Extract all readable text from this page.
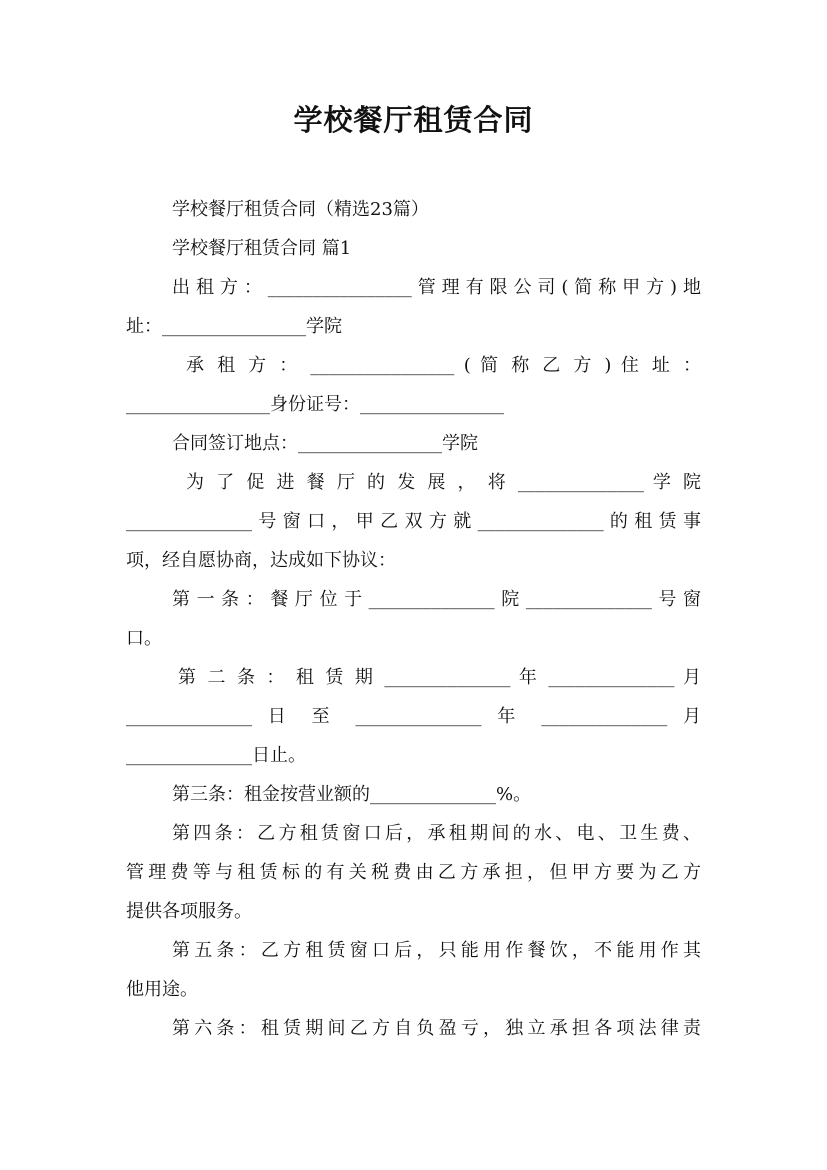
学校餐厅租赁合同
学校餐厅租赁合同（精选23篇）
学校餐厅租赁合同 篇1
出租方：________________管理有限公司(简称甲方)地
址：________________学院
承 租 方 ： ________________ ( 简 称 乙 方 ) 住 址 ：
________________身份证号：________________
合同签订地点：________________学院
为 了 促 进 餐 厅 的 发 展 ， 将 ______________ 学 院
______________号窗口，甲乙双方就______________的租赁事
项，经自愿协商，达成如下协议：
第一条：餐厅位于______________院______________号窗
口。
第 二 条 ： 租 赁 期 ______________ 年 ______________ 月
______________ 日 至 ______________ 年 ______________ 月
______________日止。
第三条：租金按营业额的______________%。
第四条：乙方租赁窗口后，承租期间的水、电、卫生费、
管理费等与租赁标的有关税费由乙方承担，但甲方要为乙方
提供各项服务。
第五条：乙方租赁窗口后，只能用作餐饮，不能用作其
他用途。
第六条：租赁期间乙方自负盈亏，独立承担各项法律责
